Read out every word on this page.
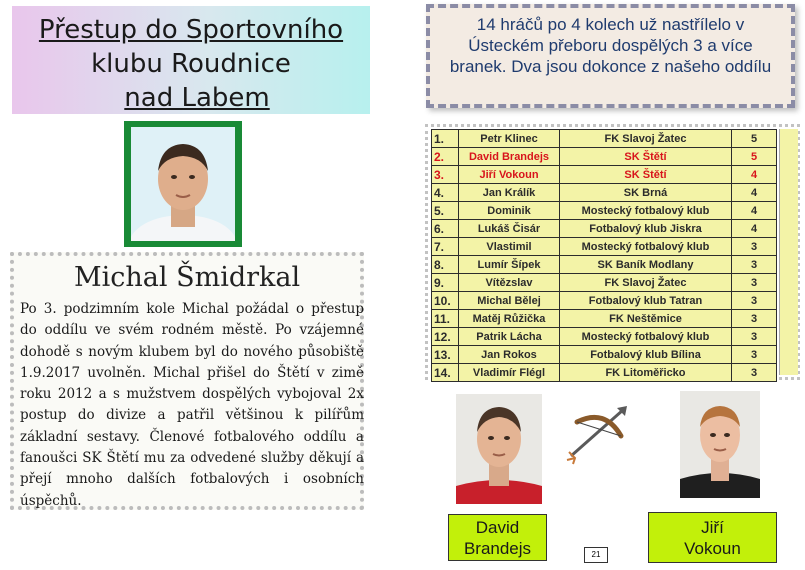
Přestup do Sportovního
klubu Roudnice
nad Labem
14 hráčů po 4 kolech už nastřílelo v Ústeckém přeboru dospělých 3 a více branek. Dva jsou dokonce z našeho oddílu
Michal Šmidrkal
Po 3. podzimním kole Michal požádal o přestup do oddílu ve svém rodném městě. Po vzájemné dohodě s novým klubem byl do nového působiště 1.9.2017 uvolněn. Michal přišel do Štětí v zimě roku 2012 a s mužstvem dospělých vybojoval 2x postup do divize a patřil většinou k pilířům základní sestavy. Členové fotbalového oddílu a fanoušci SK Štětí mu za odvedené služby děkují a přejí mnoho dalších fotbalových i osobních úspěchů.
1.	Petr Klinec	FK Slavoj Žatec	5
2.	David Brandejs	SK Štětí	5
3.	Jiří Vokoun	SK Štětí	4
4.	Jan Králík	SK Brná	4
5.	Dominik	Mostecký fotbalový klub	4
6.	Lukáš Čisár	Fotbalový klub Jiskra	4
7.	Vlastimil	Mostecký fotbalový klub	3
8.	Lumír Šípek	SK Baník Modlany	3
9.	Vítězslav	FK Slavoj Žatec	3
10.	Michal Bělej	Fotbalový klub Tatran	3
11.	Matěj Růžička	FK Neštěmice	3
12.	Patrik Lácha	Mostecký fotbalový klub	3
13.	Jan Rokos	Fotbalový klub Bílina	3
14.	Vladimír Flégl	FK Litoměřicko	3
David
Brandejs
Jiří
Vokoun
21
